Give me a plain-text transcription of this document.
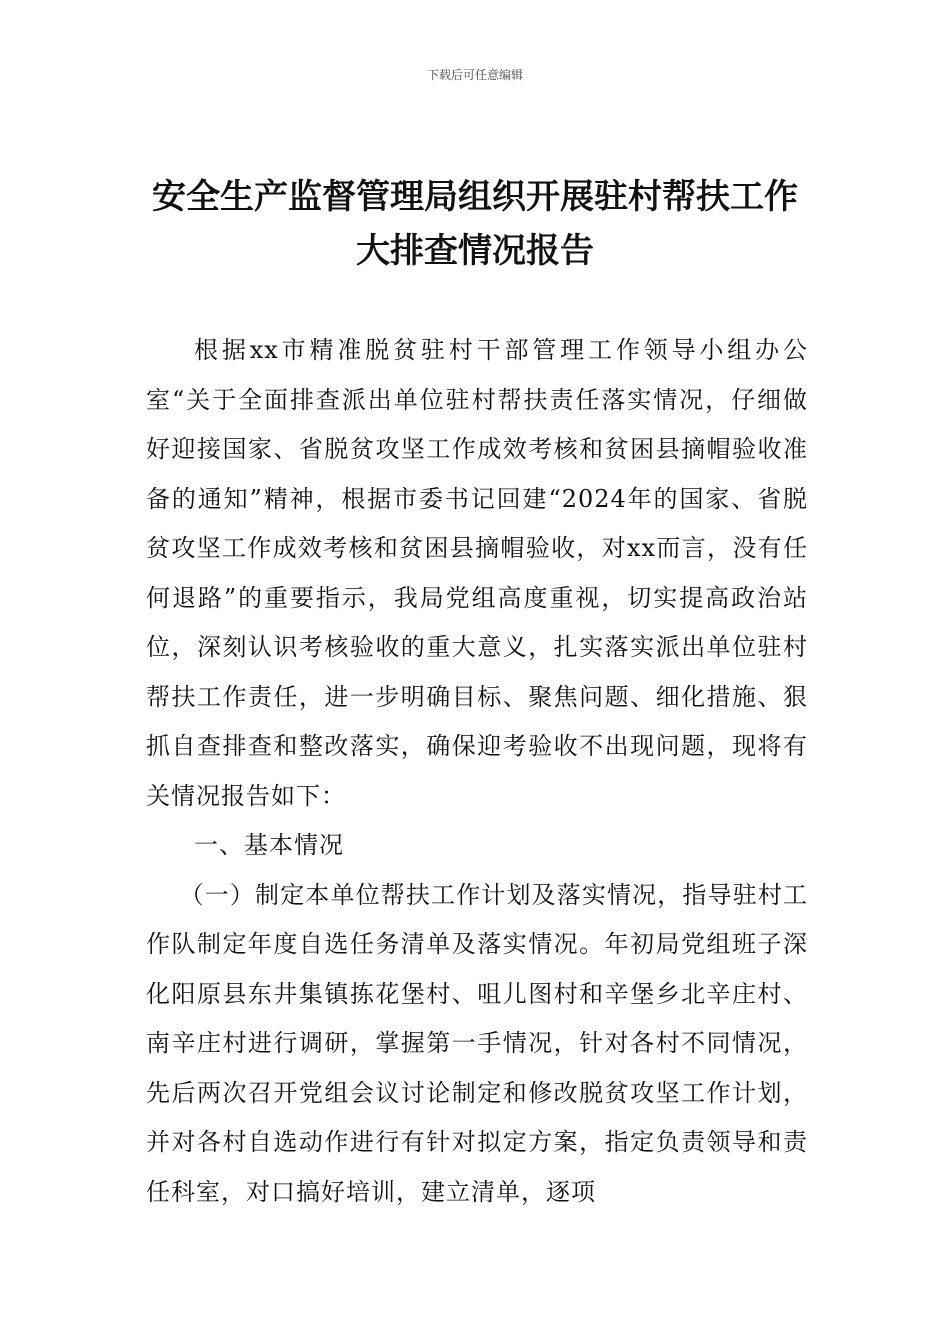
下载后可任意编辑
安全生产监督管理局组织开展驻村帮扶工作大排查情况报告

根据xx市精准脱贫驻村干部管理工作领导小组办公室“关于全面排查派出单位驻村帮扶责任落实情况，仔细做好迎接国家、省脱贫攻坚工作成效考核和贫困县摘帽验收准备的通知”精神，根据市委书记回建“2024年的国家、省脱贫攻坚工作成效考核和贫困县摘帽验收，对xx而言，没有任何退路”的重要指示，我局党组高度重视，切实提高政治站位，深刻认识考核验收的重大意义，扎实落实派出单位驻村帮扶工作责任，进一步明确目标、聚焦问题、细化措施、狠抓自查排查和整改落实，确保迎考验收不出现问题，现将有关情况报告如下：

一、基本情况

（一）制定本单位帮扶工作计划及落实情况，指导驻村工作队制定年度自选任务清单及落实情况。年初局党组班子深化阳原县东井集镇拣花堡村、咀儿图村和辛堡乡北辛庄村、南辛庄村进行调研，掌握第一手情况，针对各村不同情况，先后两次召开党组会议讨论制定和修改脱贫攻坚工作计划，并对各村自选动作进行有针对拟定方案，指定负责领导和责任科室，对口搞好培训，建立清单，逐项
